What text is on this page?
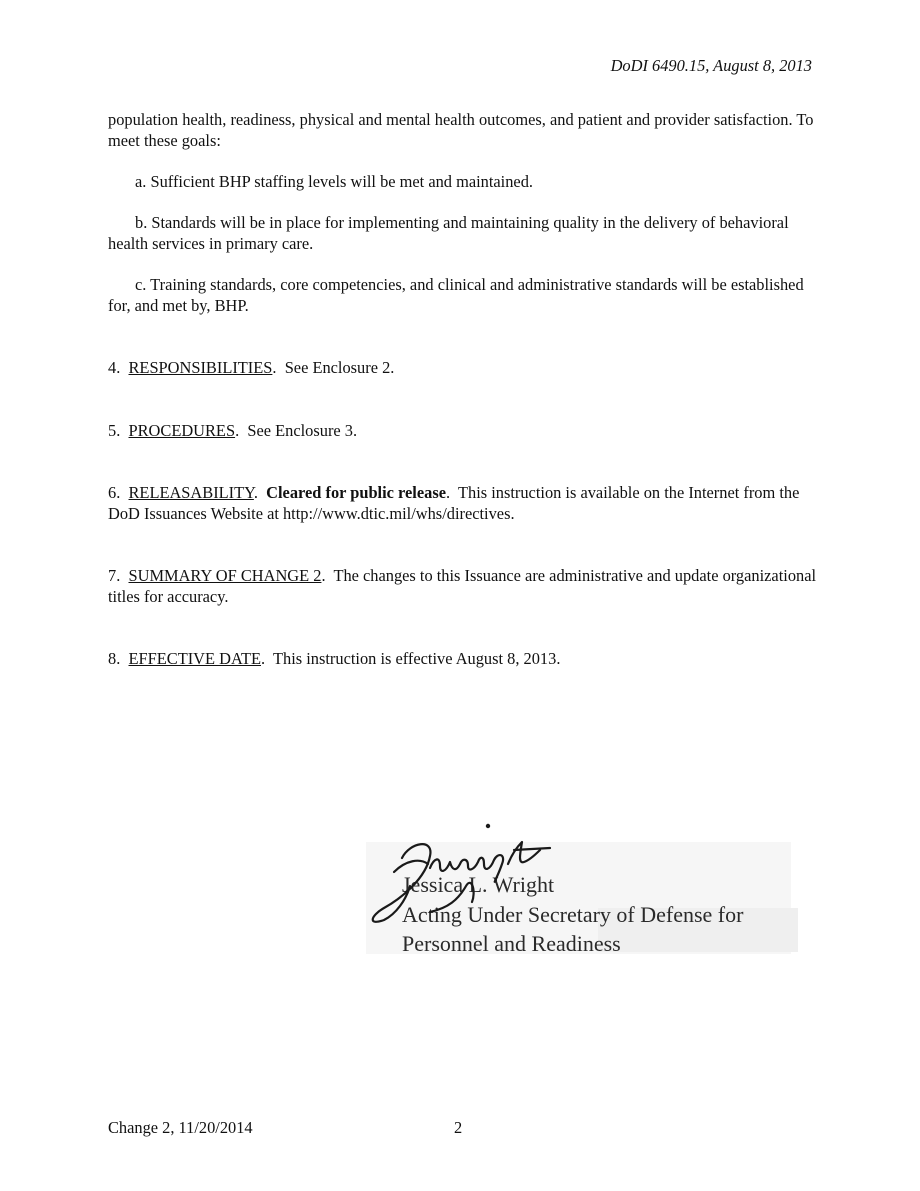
DoDI 6490.15, August 8, 2013

population health, readiness, physical and mental health outcomes, and patient and provider satisfaction. To meet these goals:

a. Sufficient BHP staffing levels will be met and maintained.

b. Standards will be in place for implementing and maintaining quality in the delivery of behavioral health services in primary care.

c. Training standards, core competencies, and clinical and administrative standards will be established for, and met by, BHP.

4. RESPONSIBILITIES.  See Enclosure 2.

5. PROCEDURES.  See Enclosure 3.

6. RELEASABILITY.  Cleared for public release.  This instruction is available on the Internet from the DoD Issuances Website at http://www.dtic.mil/whs/directives.

7. SUMMARY OF CHANGE 2.  The changes to this Issuance are administrative and update organizational titles for accuracy.

8. EFFECTIVE DATE.  This instruction is effective August 8, 2013.

Jessica L. Wright
Acting Under Secretary of Defense for
Personnel and Readiness
Change 2, 11/20/2014	2
